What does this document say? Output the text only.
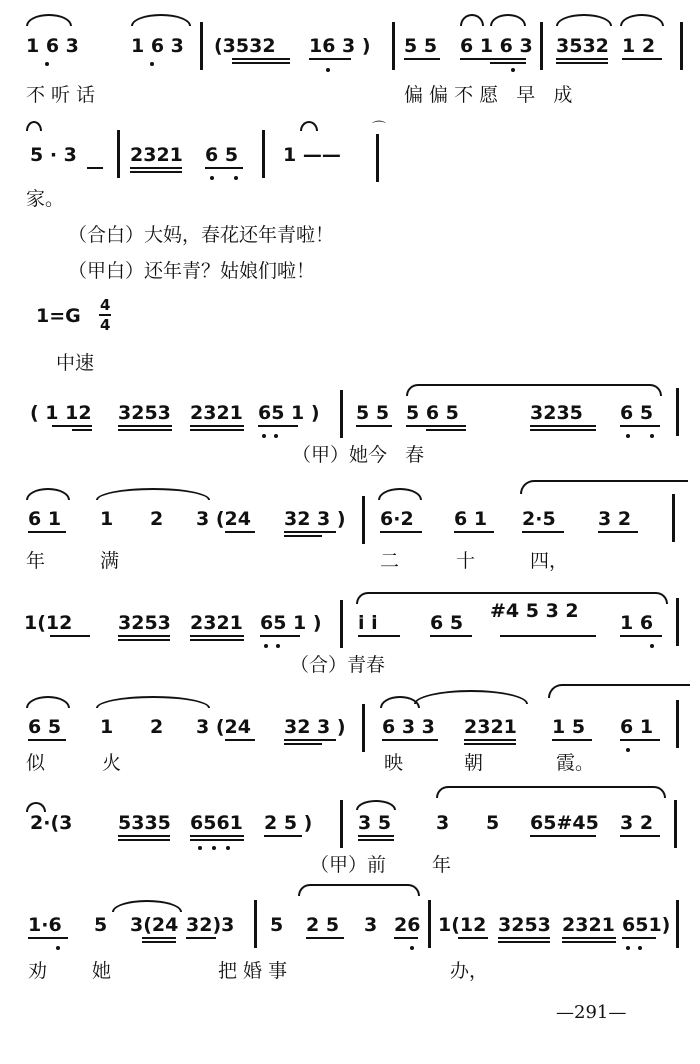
1 6 3	1 6 3 (3532 16 3 ) 5 5 6 1 6 3 3532 1 2
不 听 话	偏 偏 不 愿   早   成
5 · 3	2321 6 5 1 ——
⌒
家。
（合白）大妈，春花还年青啦！
（甲白）还年青？姑娘们啦！
1=G 4
4
中速
( 1 12 3253 2321 65 1 ) 5 5 5 6 5	3235 6 5
（甲）她今   春
6 1 1 2 3 (24 32 3 ) 6·2 6 1 2·5 3 2
年	满	二	十	四，
1(12 3253 2321 65 1 ) i i	6 5
#4 5 3 2
1 6
（合）青春
6 5 1 2 3 (24 32 3 ) 6 3 3 2321 1 5 6 1
似	火	映	朝	霞。
2·(3 5335 6561 2 5 ) 3 5 3 5 65#45 3 2
（甲）前 年
1·6 5 3(24 32)3 5 2 5 3 26 1(12 3253 2321 651)
劝 她	把 婚 事	办，
—291—
